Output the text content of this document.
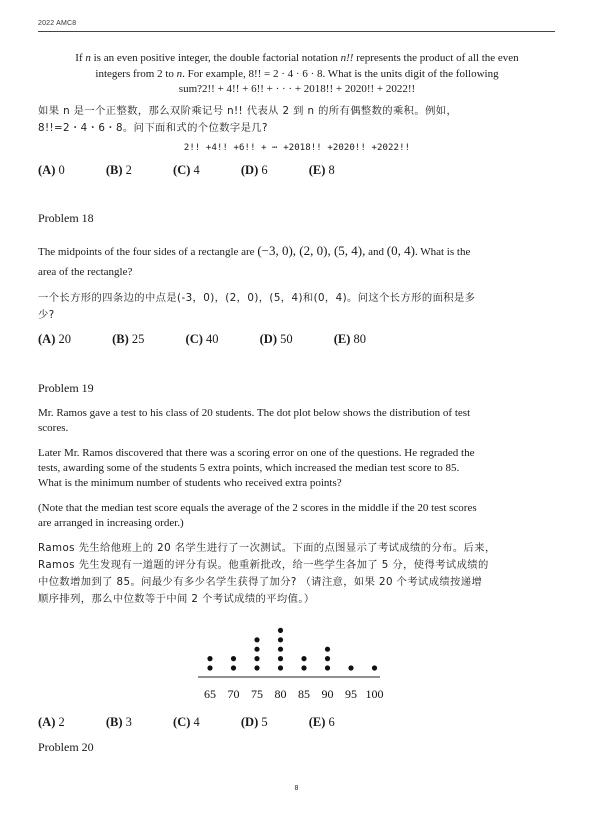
2022 AMC8
If n is an even positive integer, the double factorial notation n!! represents the product of all the even
integers from 2 to n. For example, 8!! = 2 · 4 · 6 · 8. What is the units digit of the following
sum?2!! + 4!! + 6!! + · · · + 2018!! + 2020!! + 2022!!
如果 n 是一个正整数，那么双阶乘记号 n!! 代表从 2 到 n 的所有偶整数的乘积。例如，
8!!=2・4・6・8。问下面和式的个位数字是几?
2!! +4!! +6!! + ⋯ +2018!! +2020!! +2022!!
(A) 0	(B) 2	(C) 4	(D) 6	(E) 8
Problem 18
The midpoints of the four sides of a rectangle are (−3, 0), (2, 0), (5, 4), and (0, 4). What is the
area of the rectangle?
一个长方形的四条边的中点是(-3，0)，(2，0)，(5，4)和(0，4)。问这个长方形的面积是多
少?
(A) 20	(B) 25	(C) 40	(D) 50	(E) 80
Problem 19
Mr. Ramos gave a test to his class of 20 students. The dot plot below shows the distribution of test
scores.
Later Mr. Ramos discovered that there was a scoring error on one of the questions. He regraded the
tests, awarding some of the students 5 extra points, which increased the median test score to 85.
What is the minimum number of students who received extra points?
(Note that the median test score equals the average of the 2 scores in the middle if the 20 test scores
are arranged in increasing order.)
Ramos 先生给他班上的 20 名学生进行了一次测试。下面的点图显示了考试成绩的分布。后来，
Ramos 先生发现有一道题的评分有误。他重新批改，给一些学生各加了 5 分，使得考试成绩的
中位数增加到了 85。问最少有多少名学生获得了加分? （请注意，如果 20 个考试成绩按递增
顺序排列，那么中位数等于中间 2 个考试成绩的平均值。）
65 70 75 80 85 90 95 100
(A) 2	(B) 3	(C) 4	(D) 5	(E) 6
Problem 20
8
